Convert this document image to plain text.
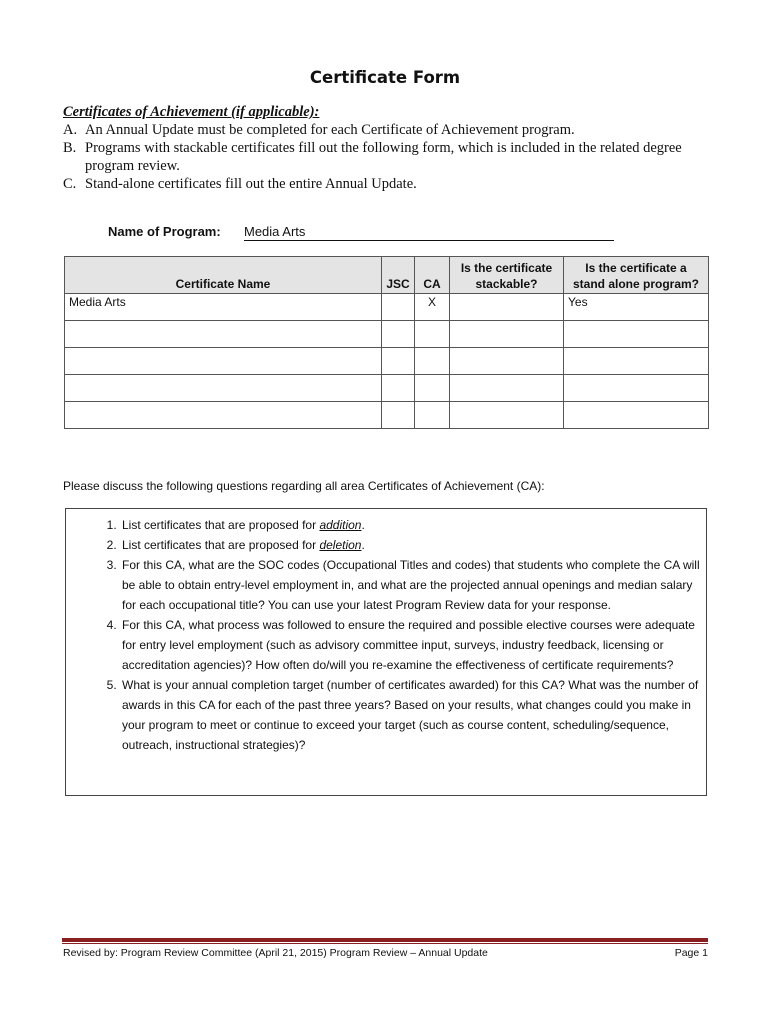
Certificate Form
Certificates of Achievement (if applicable):
A. An Annual Update must be completed for each Certificate of Achievement program.
B. Programs with stackable certificates fill out the following form, which is included in the related degree program review.
C. Stand-alone certificates fill out the entire Annual Update.
Name of Program:	Media Arts
Certificate Name	JSC	CA	Is the certificate stackable?	Is the certificate a stand alone program?
Media Arts		X		Yes

Please discuss the following questions regarding all area Certificates of Achievement (CA):
1. List certificates that are proposed for addition.
2. List certificates that are proposed for deletion.
3. For this CA, what are the SOC codes (Occupational Titles and codes) that students who complete the CA will be able to obtain entry-level employment in, and what are the projected annual openings and median salary for each occupational title? You can use your latest Program Review data for your response.
4. For this CA, what process was followed to ensure the required and possible elective courses were adequate for entry level employment (such as advisory committee input, surveys, industry feedback, licensing or accreditation agencies)? How often do/will you re-examine the effectiveness of certificate requirements?
5. What is your annual completion target (number of certificates awarded) for this CA? What was the number of awards in this CA for each of the past three years? Based on your results, what changes could you make in your program to meet or continue to exceed your target (such as course content, scheduling/sequence, outreach, instructional strategies)?
Revised by: Program Review Committee (April 21, 2015) Program Review – Annual Update	Page 1
